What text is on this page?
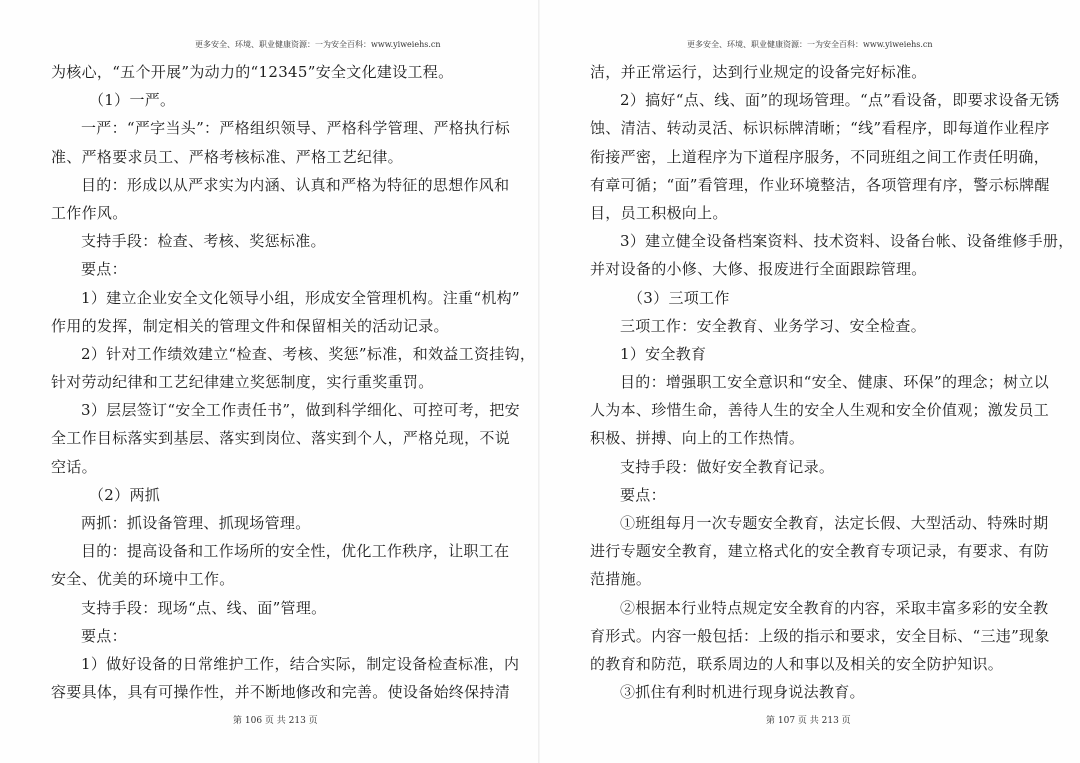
更多安全、环境、职业健康资源：一为安全百科：www.yiweiehs.cn
为核心，“五个开展”为动力的“12345”安全文化建设工程。
（1）一严。
一严：“严字当头”：严格组织领导、严格科学管理、严格执行标
准、严格要求员工、严格考核标准、严格工艺纪律。
目的：形成以从严求实为内涵、认真和严格为特征的思想作风和
工作作风。
支持手段：检查、考核、奖惩标准。
要点：
1）建立企业安全文化领导小组，形成安全管理机构。注重“机构”
作用的发挥，制定相关的管理文件和保留相关的活动记录。
2）针对工作绩效建立“检查、考核、奖惩”标准，和效益工资挂钩，
针对劳动纪律和工艺纪律建立奖惩制度，实行重奖重罚。
3）层层签订“安全工作责任书”，做到科学细化、可控可考，把安
全工作目标落实到基层、落实到岗位、落实到个人，严格兑现，不说
空话。
（2）两抓
两抓：抓设备管理、抓现场管理。
目的：提高设备和工作场所的安全性，优化工作秩序，让职工在
安全、优美的环境中工作。
支持手段：现场“点、线、面”管理。
要点：
1）做好设备的日常维护工作，结合实际，制定设备检查标准，内
容要具体，具有可操作性，并不断地修改和完善。使设备始终保持清
第 106 页 共 213 页
更多安全、环境、职业健康资源：一为安全百科：www.yiweiehs.cn
洁，并正常运行，达到行业规定的设备完好标准。
2）搞好“点、线、面”的现场管理。“点”看设备，即要求设备无锈
蚀、清洁、转动灵活、标识标牌清晰；“线”看程序，即每道作业程序
衔接严密，上道程序为下道程序服务，不同班组之间工作责任明确，
有章可循；“面”看管理，作业环境整洁，各项管理有序，警示标牌醒
目，员工积极向上。
3）建立健全设备档案资料、技术资料、设备台帐、设备维修手册，
并对设备的小修、大修、报废进行全面跟踪管理。
（3）三项工作
三项工作：安全教育、业务学习、安全检查。
1）安全教育
目的：增强职工安全意识和“安全、健康、环保”的理念；树立以
人为本、珍惜生命，善待人生的安全人生观和安全价值观；激发员工
积极、拼搏、向上的工作热情。
支持手段：做好安全教育记录。
要点：
①班组每月一次专题安全教育，法定长假、大型活动、特殊时期
进行专题安全教育，建立格式化的安全教育专项记录，有要求、有防
范措施。
②根据本行业特点规定安全教育的内容，采取丰富多彩的安全教
育形式。内容一般包括：上级的指示和要求，安全目标、“三违”现象
的教育和防范，联系周边的人和事以及相关的安全防护知识。
③抓住有利时机进行现身说法教育。
第 107 页 共 213 页
